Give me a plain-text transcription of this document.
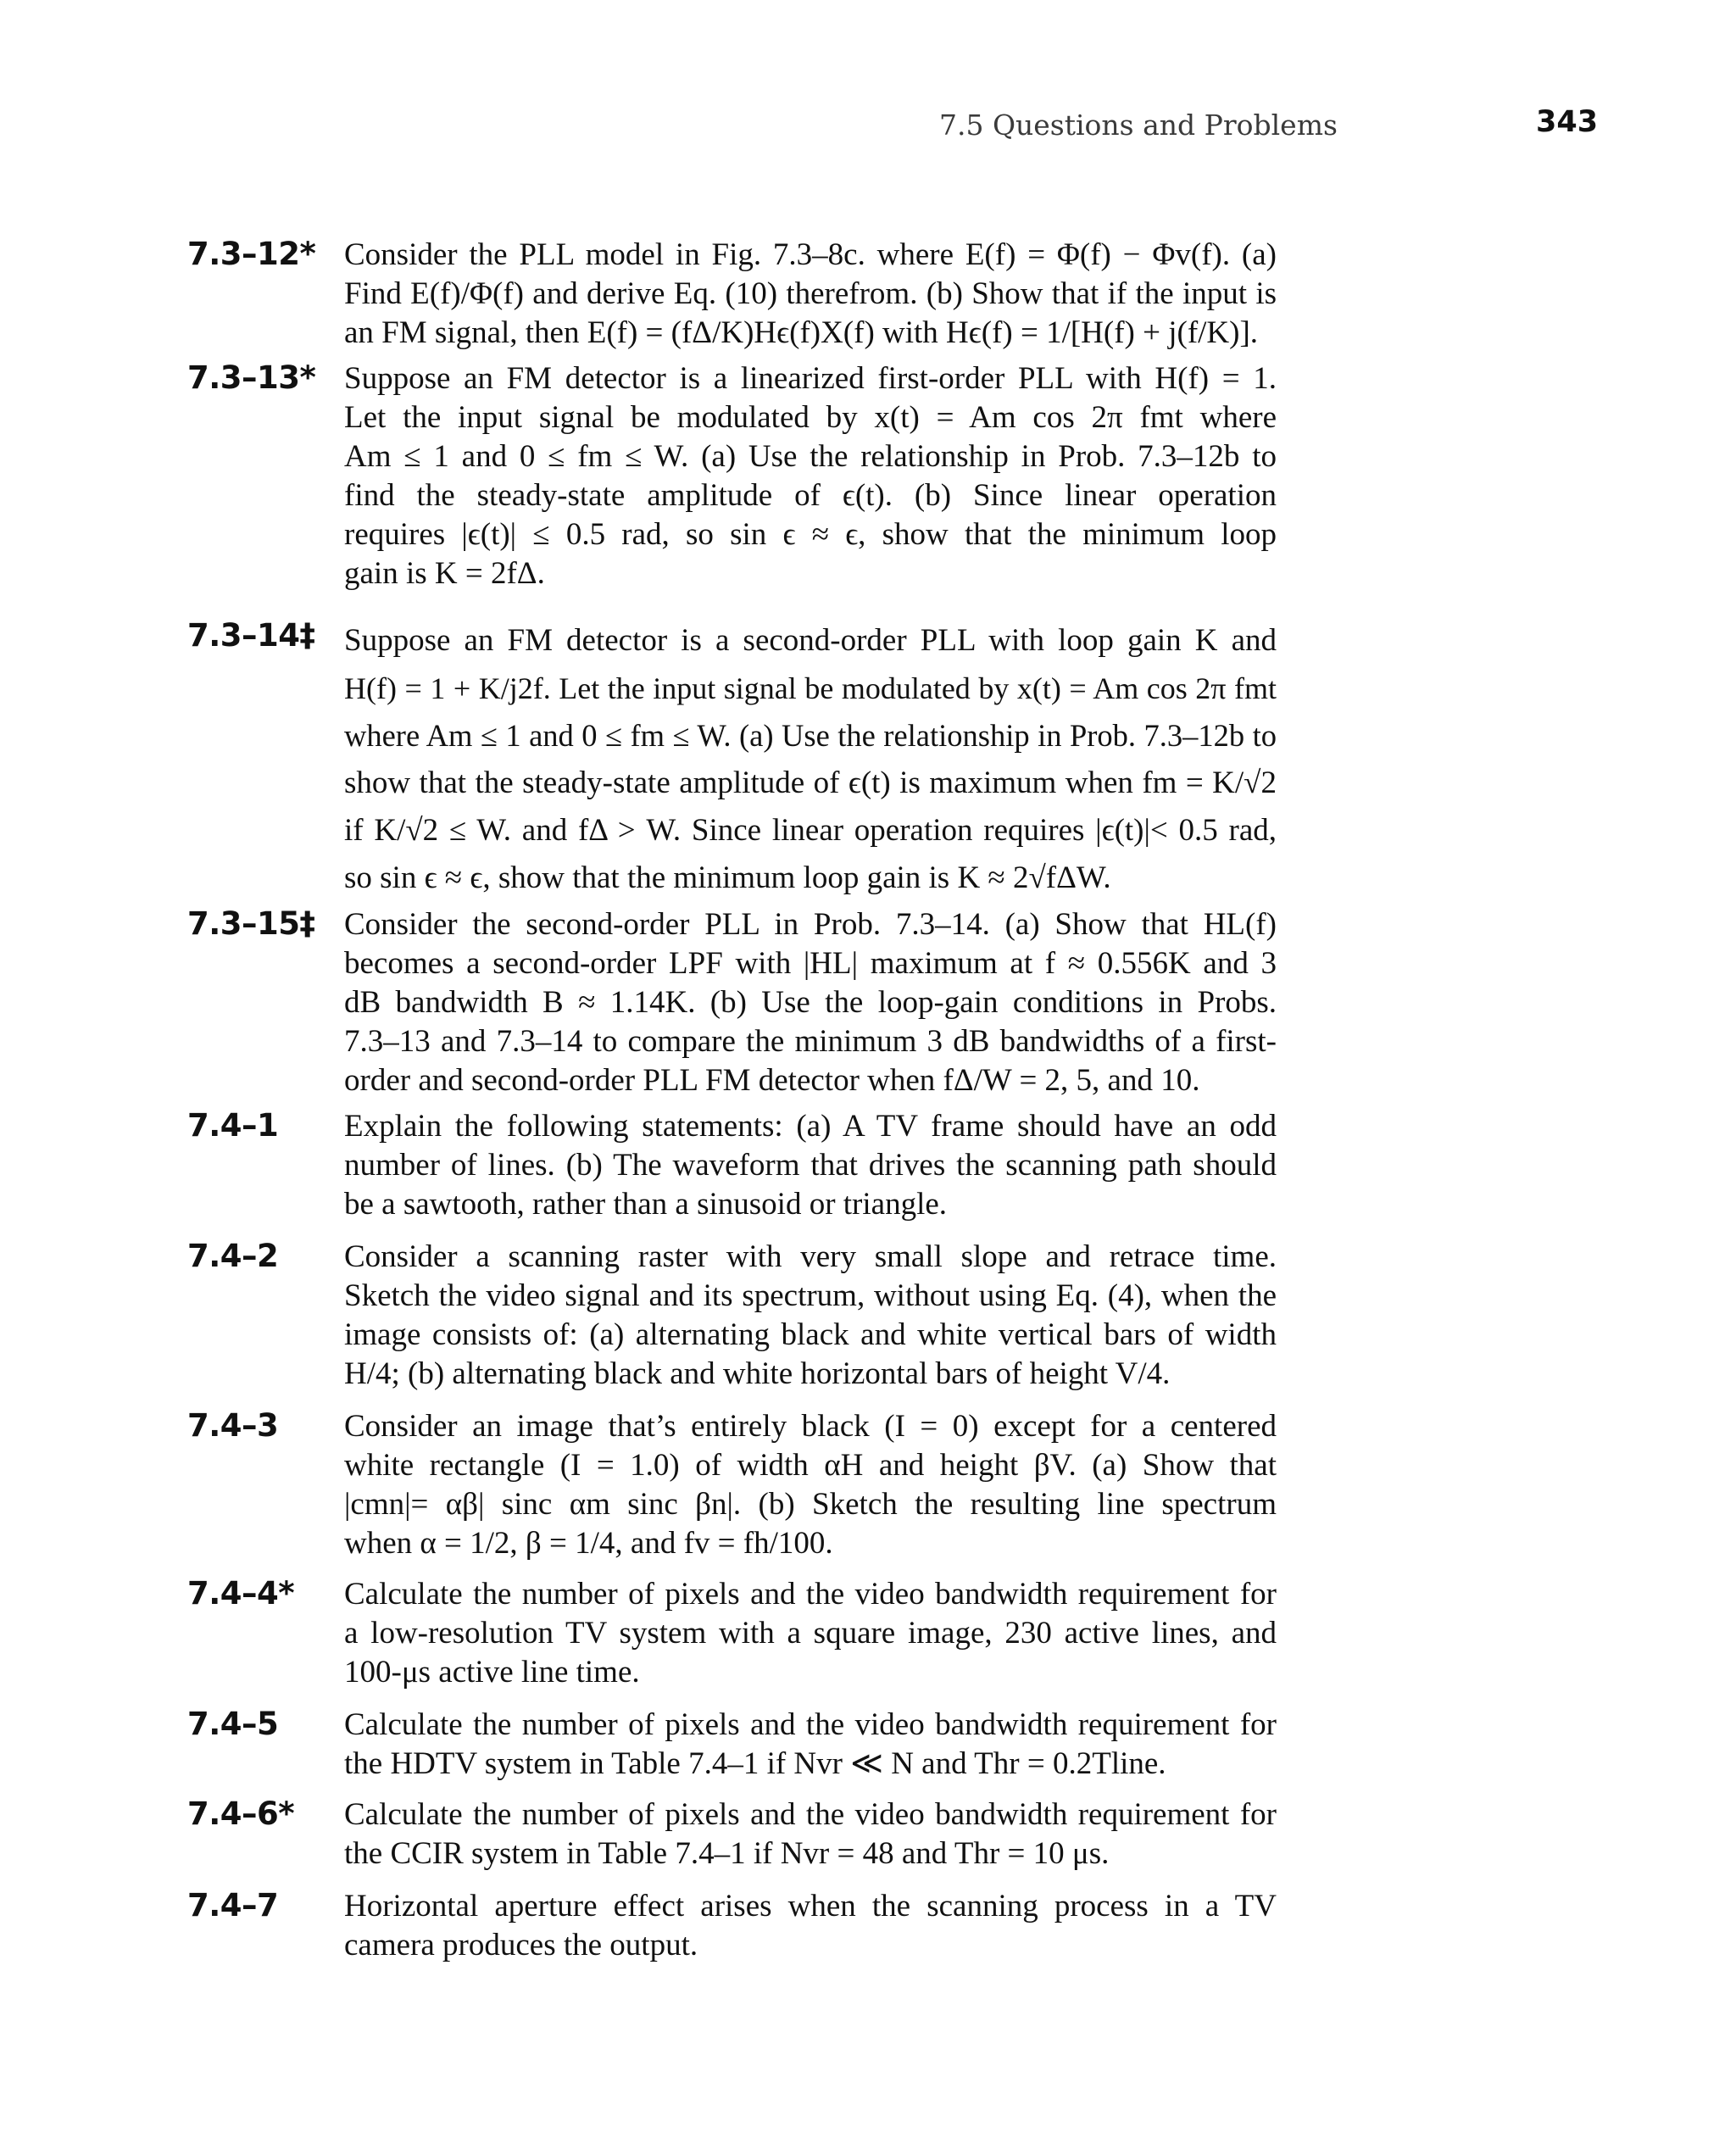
7.5 Questions and Problems	343
7.3–12* Consider the PLL model in Fig. 7.3–8c. where E(f) = Φ(f) − Φv(f). (a)
Find E(f)/Φ(f) and derive Eq. (10) therefrom. (b) Show that if the input is
an FM signal, then E(f) = (fΔ/K)Hϵ(f)X(f) with Hϵ(f) = 1/[H(f) + j(f/K)].
7.3–13* Suppose an FM detector is a linearized first-order PLL with H(f) = 1.
Let the input signal be modulated by x(t) = Am cos 2π fmt where
Am ≤ 1 and 0 ≤ fm ≤ W. (a) Use the relationship in Prob. 7.3–12b to
find the steady-state amplitude of ϵ(t). (b) Since linear operation
requires |ϵ(t)| ≤ 0.5 rad, so sin ϵ ≈ ϵ, show that the minimum loop
gain is K = 2fΔ.
7.3–14‡ Suppose an FM detector is a second-order PLL with loop gain K and
H(f) = 1 + K/j2f. Let the input signal be modulated by x(t) = Am cos 2π fmt
where Am ≤ 1 and 0 ≤ fm ≤ W. (a) Use the relationship in Prob. 7.3–12b to
show that the steady-state amplitude of ϵ(t) is maximum when fm = K/√2
if K/√2 ≤ W. and fΔ > W. Since linear operation requires |ϵ(t)|< 0.5 rad,
so sin ϵ ≈ ϵ, show that the minimum loop gain is K ≈ 2√fΔW.
7.3–15‡ Consider the second-order PLL in Prob. 7.3–14. (a) Show that HL(f)
becomes a second-order LPF with |HL| maximum at f ≈ 0.556K and 3
dB bandwidth B ≈ 1.14K. (b) Use the loop-gain conditions in Probs.
7.3–13 and 7.3–14 to compare the minimum 3 dB bandwidths of a first-
order and second-order PLL FM detector when fΔ/W = 2, 5, and 10.
7.4–1 Explain the following statements: (a) A TV frame should have an odd
number of lines. (b) The waveform that drives the scanning path should
be a sawtooth, rather than a sinusoid or triangle.
7.4–2 Consider a scanning raster with very small slope and retrace time.
Sketch the video signal and its spectrum, without using Eq. (4), when the
image consists of: (a) alternating black and white vertical bars of width
H/4; (b) alternating black and white horizontal bars of height V/4.
7.4–3 Consider an image that’s entirely black (I = 0) except for a centered
white rectangle (I = 1.0) of width αH and height βV. (a) Show that
|cmn|= αβ| sinc αm sinc βn|. (b) Sketch the resulting line spectrum
when α = 1/2, β = 1/4, and fv = fh/100.
7.4–4* Calculate the number of pixels and the video bandwidth requirement for
a low-resolution TV system with a square image, 230 active lines, and
100-μs active line time.
7.4–5 Calculate the number of pixels and the video bandwidth requirement for
the HDTV system in Table 7.4–1 if Nvr ≪ N and Thr = 0.2Tline.
7.4–6* Calculate the number of pixels and the video bandwidth requirement for
the CCIR system in Table 7.4–1 if Nvr = 48 and Thr = 10 μs.
7.4–7 Horizontal aperture effect arises when the scanning process in a TV
camera produces the output.
